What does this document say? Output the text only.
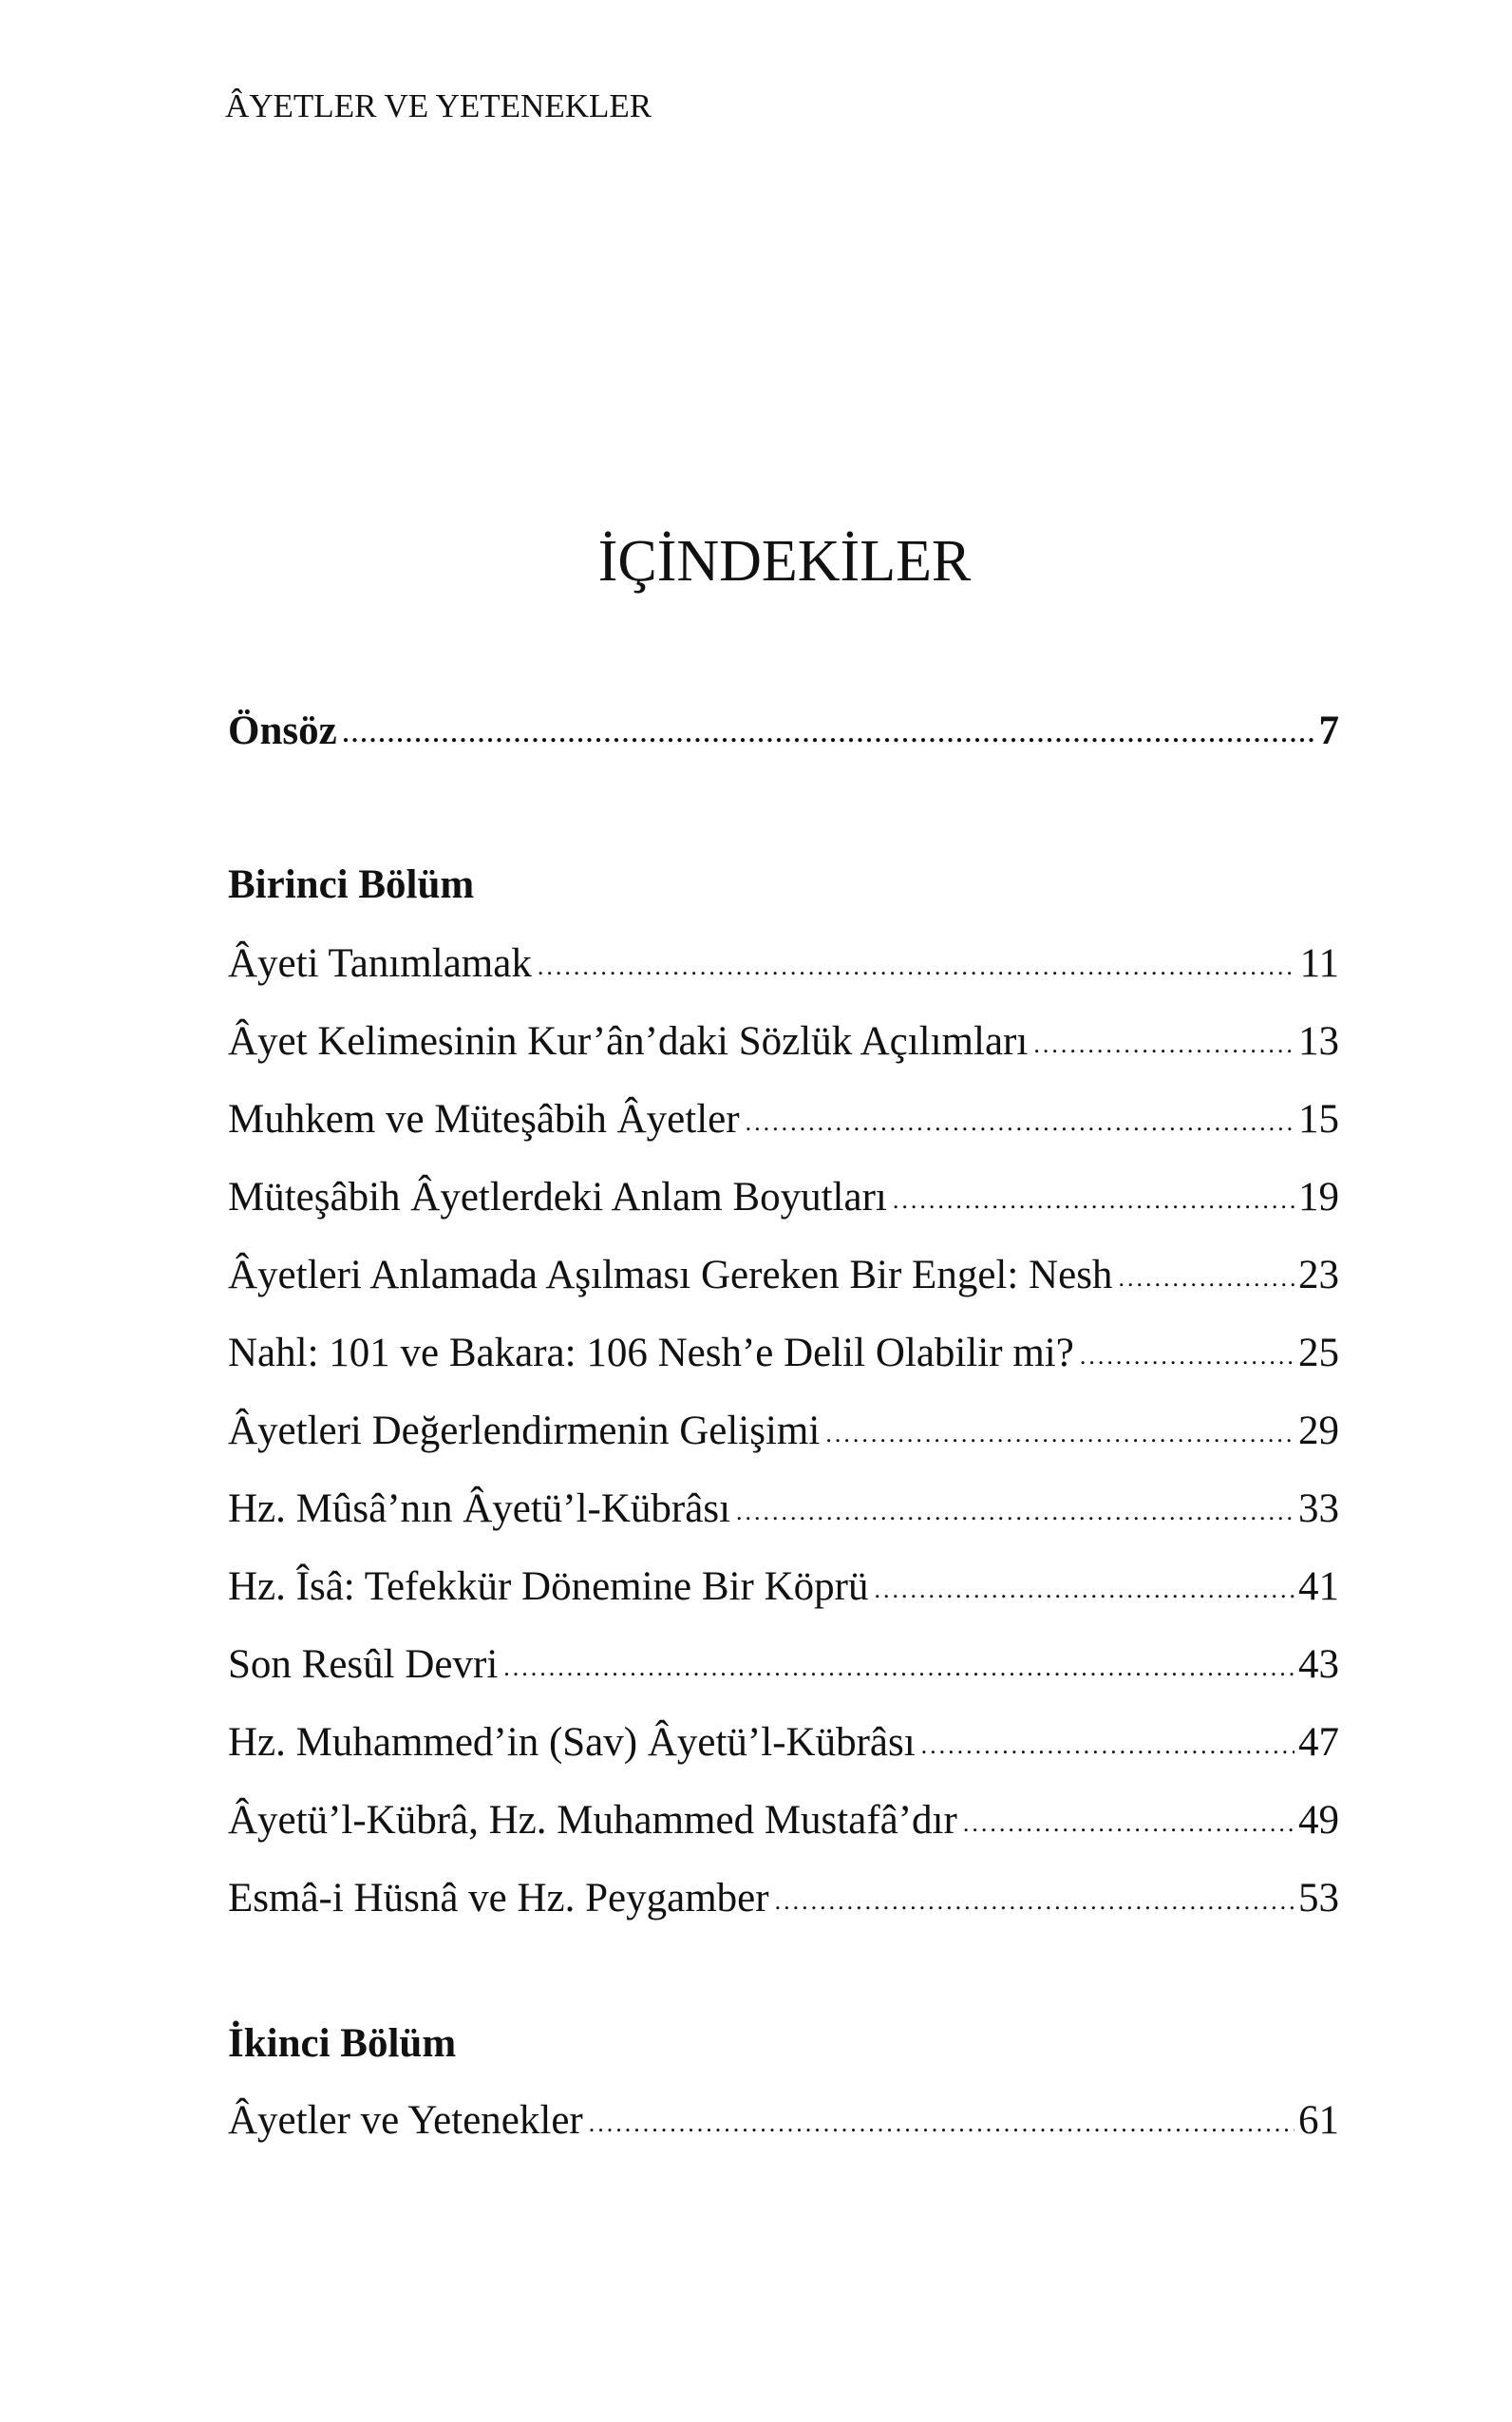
ÂYETLER VE YETENEKLER
İÇİNDEKİLER
Önsöz .....	7
Birinci Bölüm
Âyeti Tanımlamak .....	11
Âyet Kelimesinin Kur’ân’daki Sözlük Açılımları .....	13
Muhkem ve Müteşâbih Âyetler .....	15
Müteşâbih Âyetlerdeki Anlam Boyutları .....	19
Âyetleri Anlamada Aşılması Gereken Bir Engel: Nesh .....	23
Nahl: 101 ve Bakara: 106 Nesh’e Delil Olabilir mi? .....	25
Âyetleri Değerlendirmenin Gelişimi .....	29
Hz. Mûsâ’nın Âyetü’l-Kübrâsı .....	33
Hz. Îsâ: Tefekkür Dönemine Bir Köprü .....	41
Son Resûl Devri .....	43
Hz. Muhammed’in (Sav) Âyetü’l-Kübrâsı .....	47
Âyetü’l-Kübrâ, Hz. Muhammed Mustafâ’dır .....	49
Esmâ-i Hüsnâ ve Hz. Peygamber .....	53
İkinci Bölüm
Âyetler ve Yetenekler .....	61
